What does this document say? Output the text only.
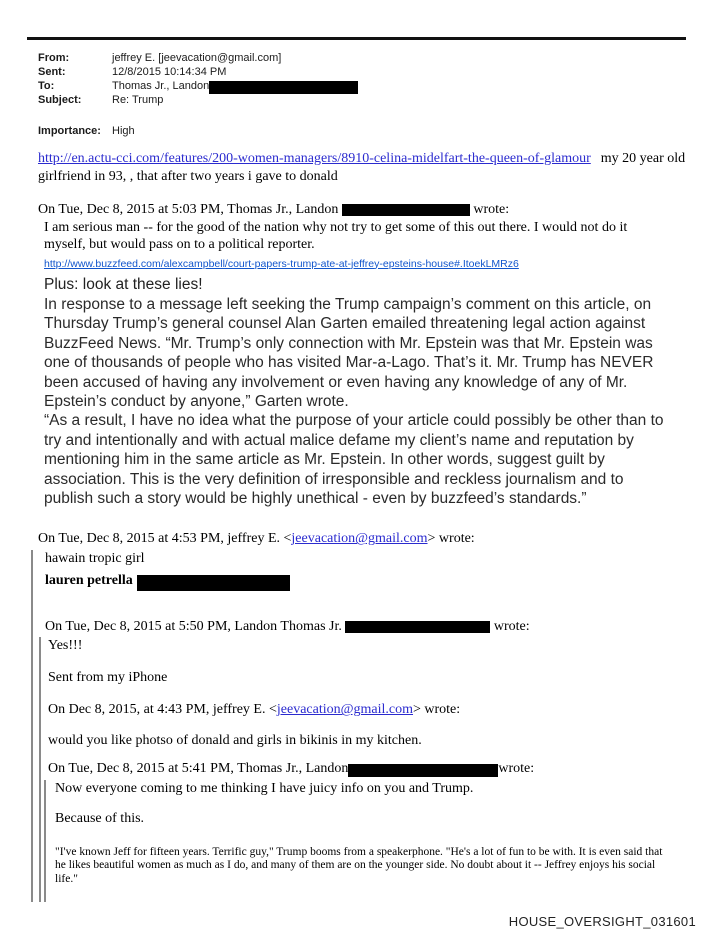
From:	jeffrey E. [jeevacation@gmail.com]
Sent:	12/8/2015 10:14:34 PM
To:	Thomas Jr., Landon
Subject:	Re: Trump
Importance:	High
http://en.actu-cci.com/features/200-women-managers/8910-celina-midelfart-the-queen-of-glamour my 20 year old girlfriend in 93, , that after two years i gave to donald
On Tue, Dec 8, 2015 at 5:03 PM, Thomas Jr., Landon	wrote:
I am serious man -- for the good of the nation why not try to get some of this out there. I would not do it myself, but would pass on to a political reporter.
http://www.buzzfeed.com/alexcampbell/court-papers-trump-ate-at-jeffrey-epsteins-house#.ItoekLMRz6
Plus: look at these lies!
In response to a message left seeking the Trump campaign’s comment on this article, on Thursday Trump’s general counsel Alan Garten emailed threatening legal action against BuzzFeed News. “Mr. Trump’s only connection with Mr. Epstein was that Mr. Epstein was one of thousands of people who has visited Mar-a-Lago. That’s it. Mr. Trump has NEVER been accused of having any involvement or even having any knowledge of any of Mr. Epstein’s conduct by anyone,” Garten wrote.
“As a result, I have no idea what the purpose of your article could possibly be other than to try and intentionally and with actual malice defame my client’s name and reputation by mentioning him in the same article as Mr. Epstein. In other words, suggest guilt by association. This is the very definition of irresponsible and reckless journalism and to publish such a story would be highly unethical - even by buzzfeed’s standards.”
On Tue, Dec 8, 2015 at 4:53 PM, jeffrey E. <jeevacation@gmail.com> wrote:
hawain tropic girl
lauren petrella
On Tue, Dec 8, 2015 at 5:50 PM, Landon Thomas Jr.	wrote:
Yes!!!
Sent from my iPhone
On Dec 8, 2015, at 4:43 PM, jeffrey E. <jeevacation@gmail.com> wrote:
would you like photso of donald and girls in bikinis in my kitchen.
On Tue, Dec 8, 2015 at 5:41 PM, Thomas Jr., Landon	wrote:
Now everyone coming to me thinking I have juicy info on you and Trump.
Because of this.
"I've known Jeff for fifteen years. Terrific guy," Trump booms from a speakerphone. "He's a lot of fun to be with. It is even said that he likes beautiful women as much as I do, and many of them are on the younger side. No doubt about it -- Jeffrey enjoys his social life."
HOUSE_OVERSIGHT_031601
